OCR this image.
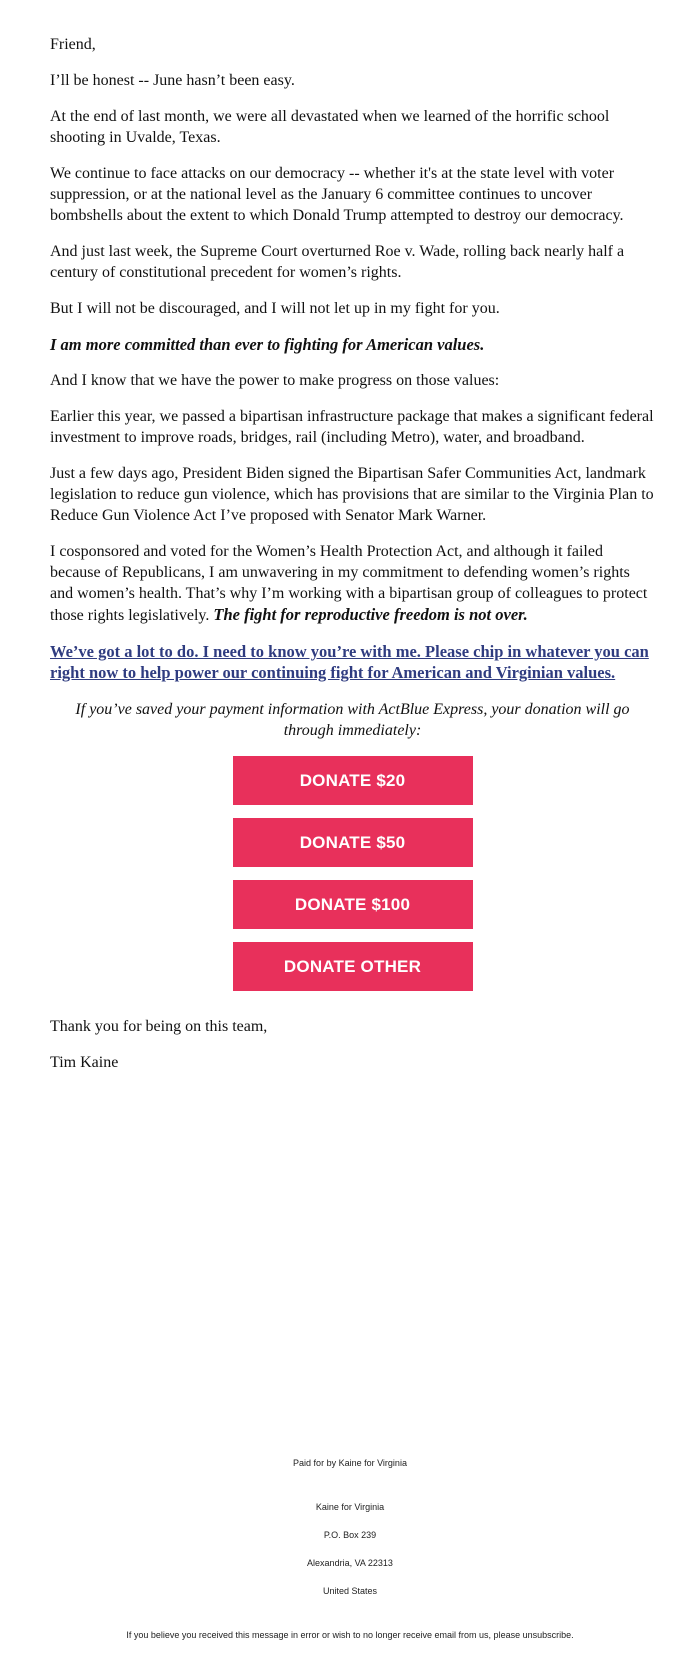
Friend,

I’ll be honest -- June hasn’t been easy.

At the end of last month, we were all devastated when we learned of the horrific school shooting in Uvalde, Texas.

We continue to face attacks on our democracy -- whether it's at the state level with voter suppression, or at the national level as the January 6 committee continues to uncover bombshells about the extent to which Donald Trump attempted to destroy our democracy.

And just last week, the Supreme Court overturned Roe v. Wade, rolling back nearly half a century of constitutional precedent for women’s rights.

But I will not be discouraged, and I will not let up in my fight for you.

I am more committed than ever to fighting for American values.

And I know that we have the power to make progress on those values:

Earlier this year, we passed a bipartisan infrastructure package that makes a significant federal investment to improve roads, bridges, rail (including Metro), water, and broadband.

Just a few days ago, President Biden signed the Bipartisan Safer Communities Act, landmark legislation to reduce gun violence, which has provisions that are similar to the Virginia Plan to Reduce Gun Violence Act I’ve proposed with Senator Mark Warner.

I cosponsored and voted for the Women’s Health Protection Act, and although it failed because of Republicans, I am unwavering in my commitment to defending women’s rights and women’s health. That’s why I’m working with a bipartisan group of colleagues to protect those rights legislatively. The fight for reproductive freedom is not over.

We’ve got a lot to do. I need to know you’re with me. Please chip in whatever you can right now to help power our continuing fight for American and Virginian values.

If you’ve saved your payment information with ActBlue Express, your donation will go through immediately:

DONATE $20
DONATE $50
DONATE $100
DONATE OTHER

Thank you for being on this team,

Tim Kaine

Paid for by Kaine for Virginia

Kaine for Virginia

P.O. Box 239

Alexandria, VA 22313

United States

If you believe you received this message in error or wish to no longer receive email from us, please unsubscribe.
